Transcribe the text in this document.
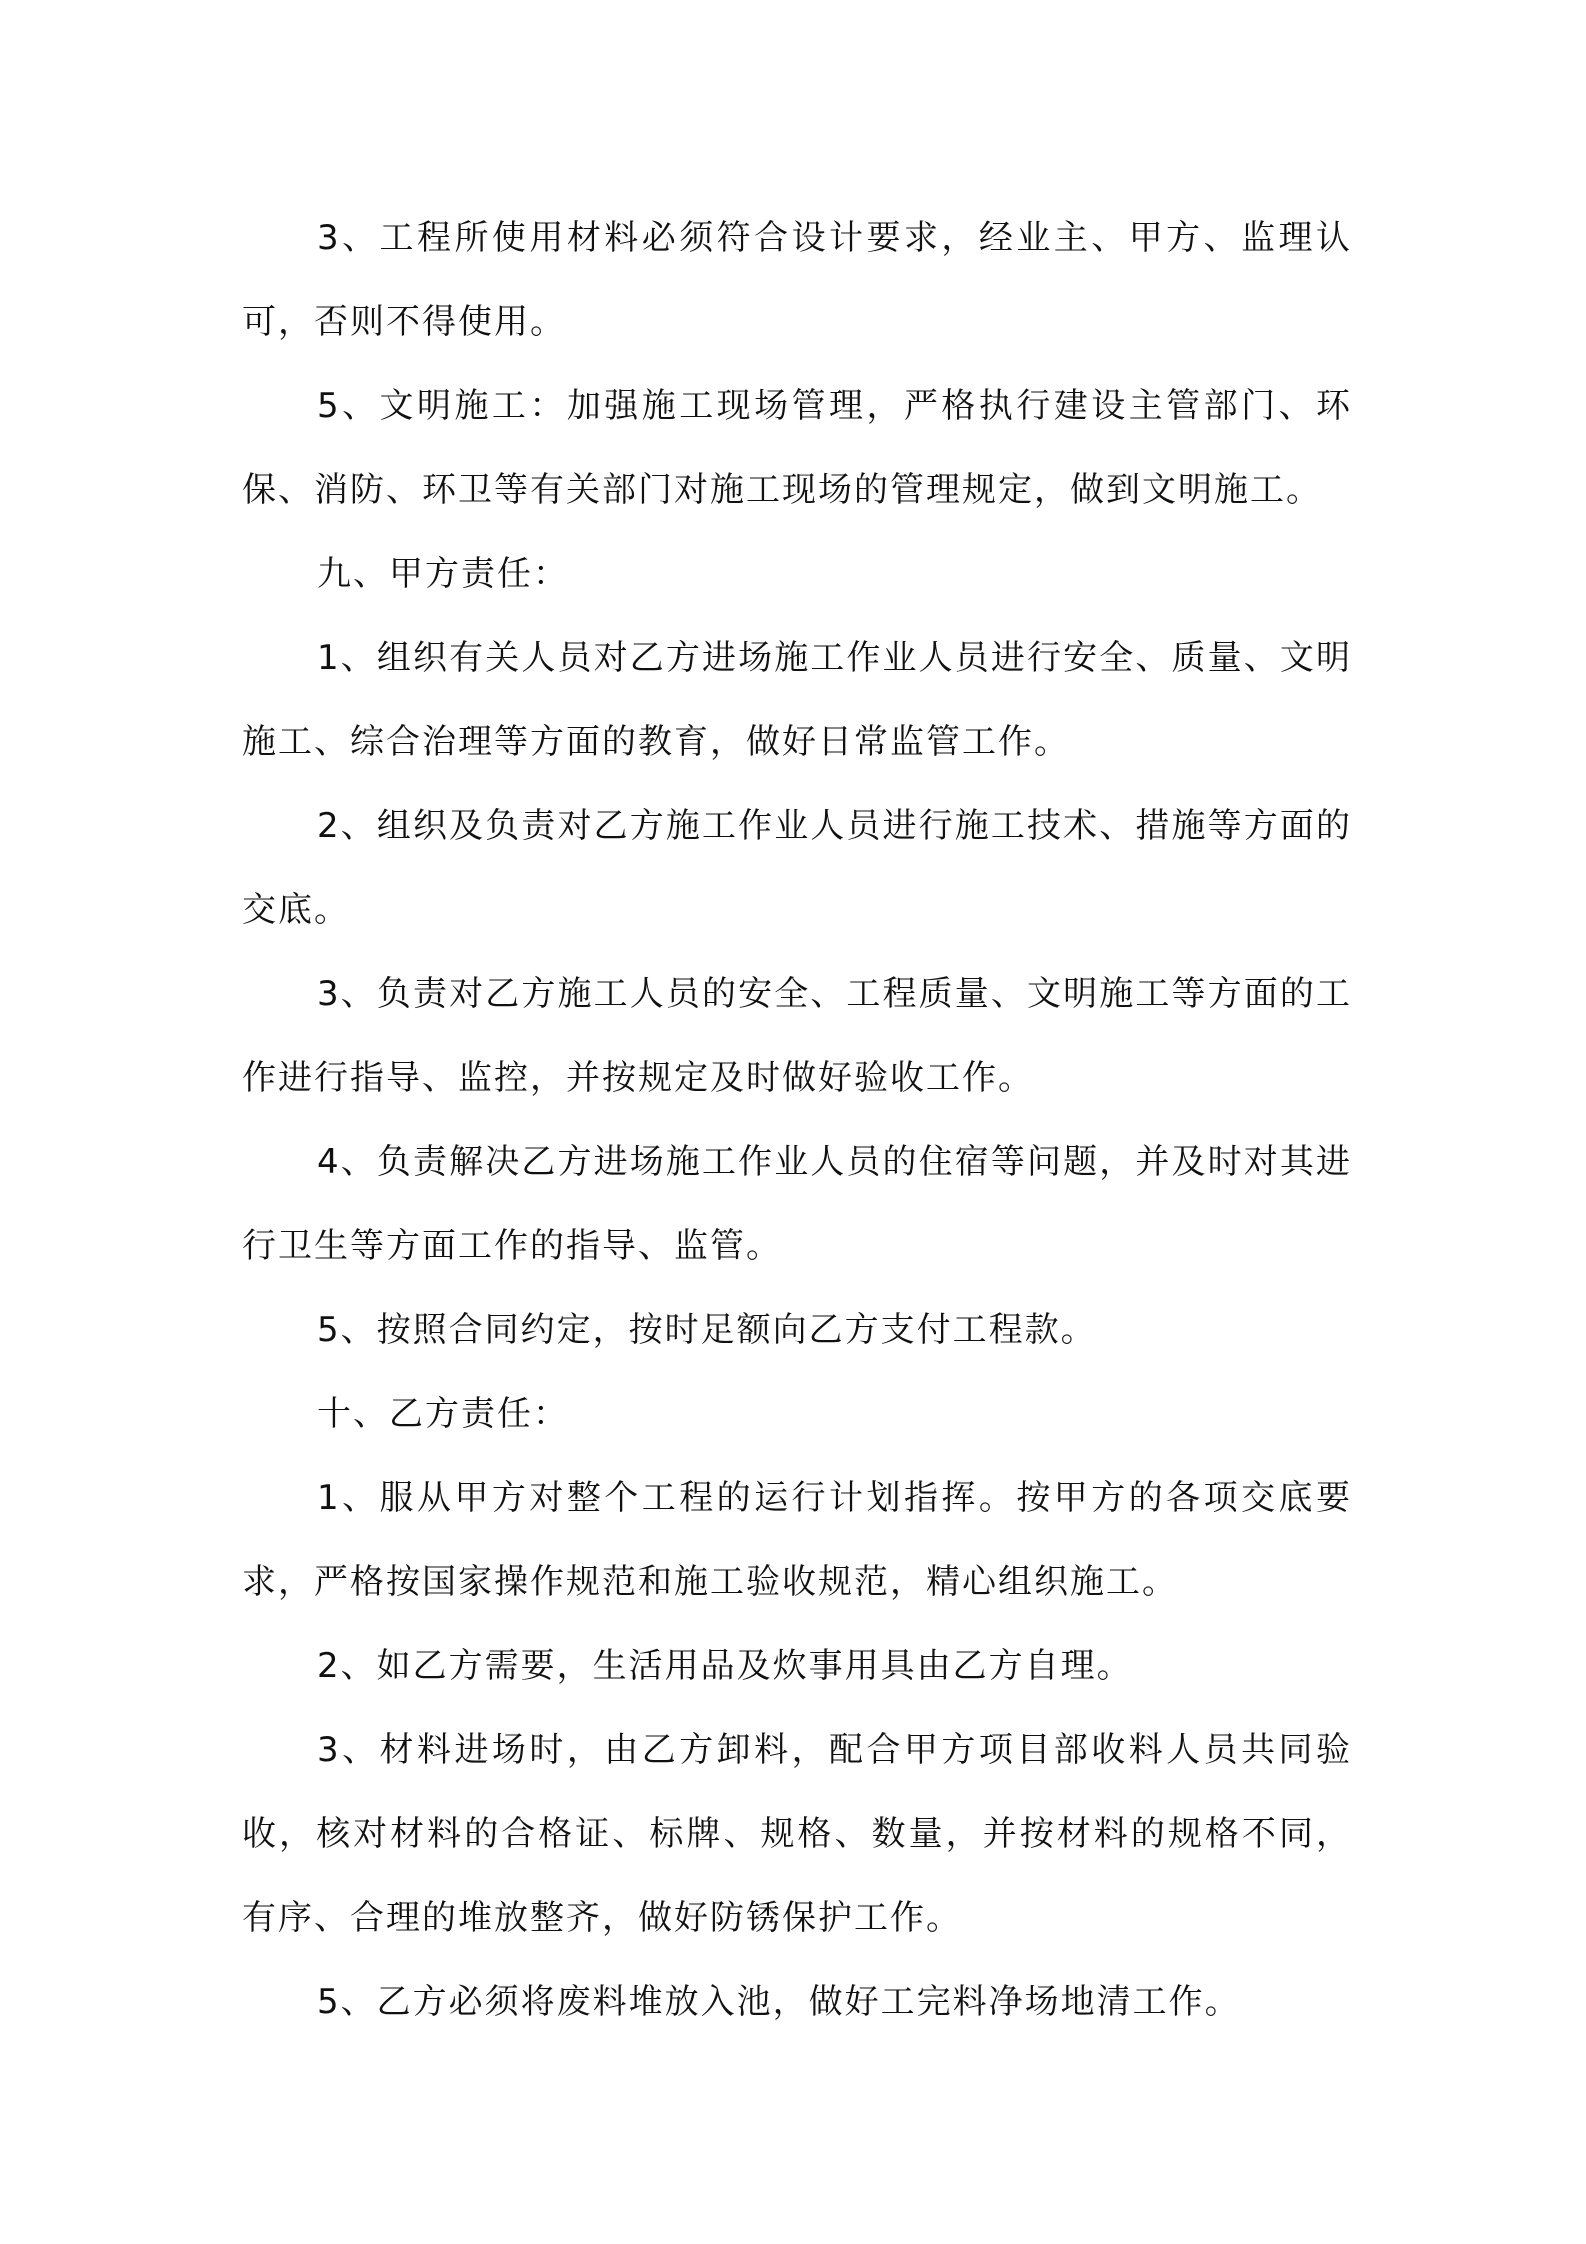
3、工程所使用材料必须符合设计要求，经业主、甲方、监理认可，否则不得使用。

5、文明施工：加强施工现场管理，严格执行建设主管部门、环保、消防、环卫等有关部门对施工现场的管理规定，做到文明施工。

九、甲方责任：

1、组织有关人员对乙方进场施工作业人员进行安全、质量、文明施工、综合治理等方面的教育，做好日常监管工作。

2、组织及负责对乙方施工作业人员进行施工技术、措施等方面的交底。

3、负责对乙方施工人员的安全、工程质量、文明施工等方面的工作进行指导、监控，并按规定及时做好验收工作。

4、负责解决乙方进场施工作业人员的住宿等问题，并及时对其进行卫生等方面工作的指导、监管。

5、按照合同约定，按时足额向乙方支付工程款。

十、乙方责任：

1、服从甲方对整个工程的运行计划指挥。按甲方的各项交底要求，严格按国家操作规范和施工验收规范，精心组织施工。

2、如乙方需要，生活用品及炊事用具由乙方自理。

3、材料进场时，由乙方卸料，配合甲方项目部收料人员共同验收，核对材料的合格证、标牌、规格、数量，并按材料的规格不同，有序、合理的堆放整齐，做好防锈保护工作。

5、乙方必须将废料堆放入池，做好工完料净场地清工作。
